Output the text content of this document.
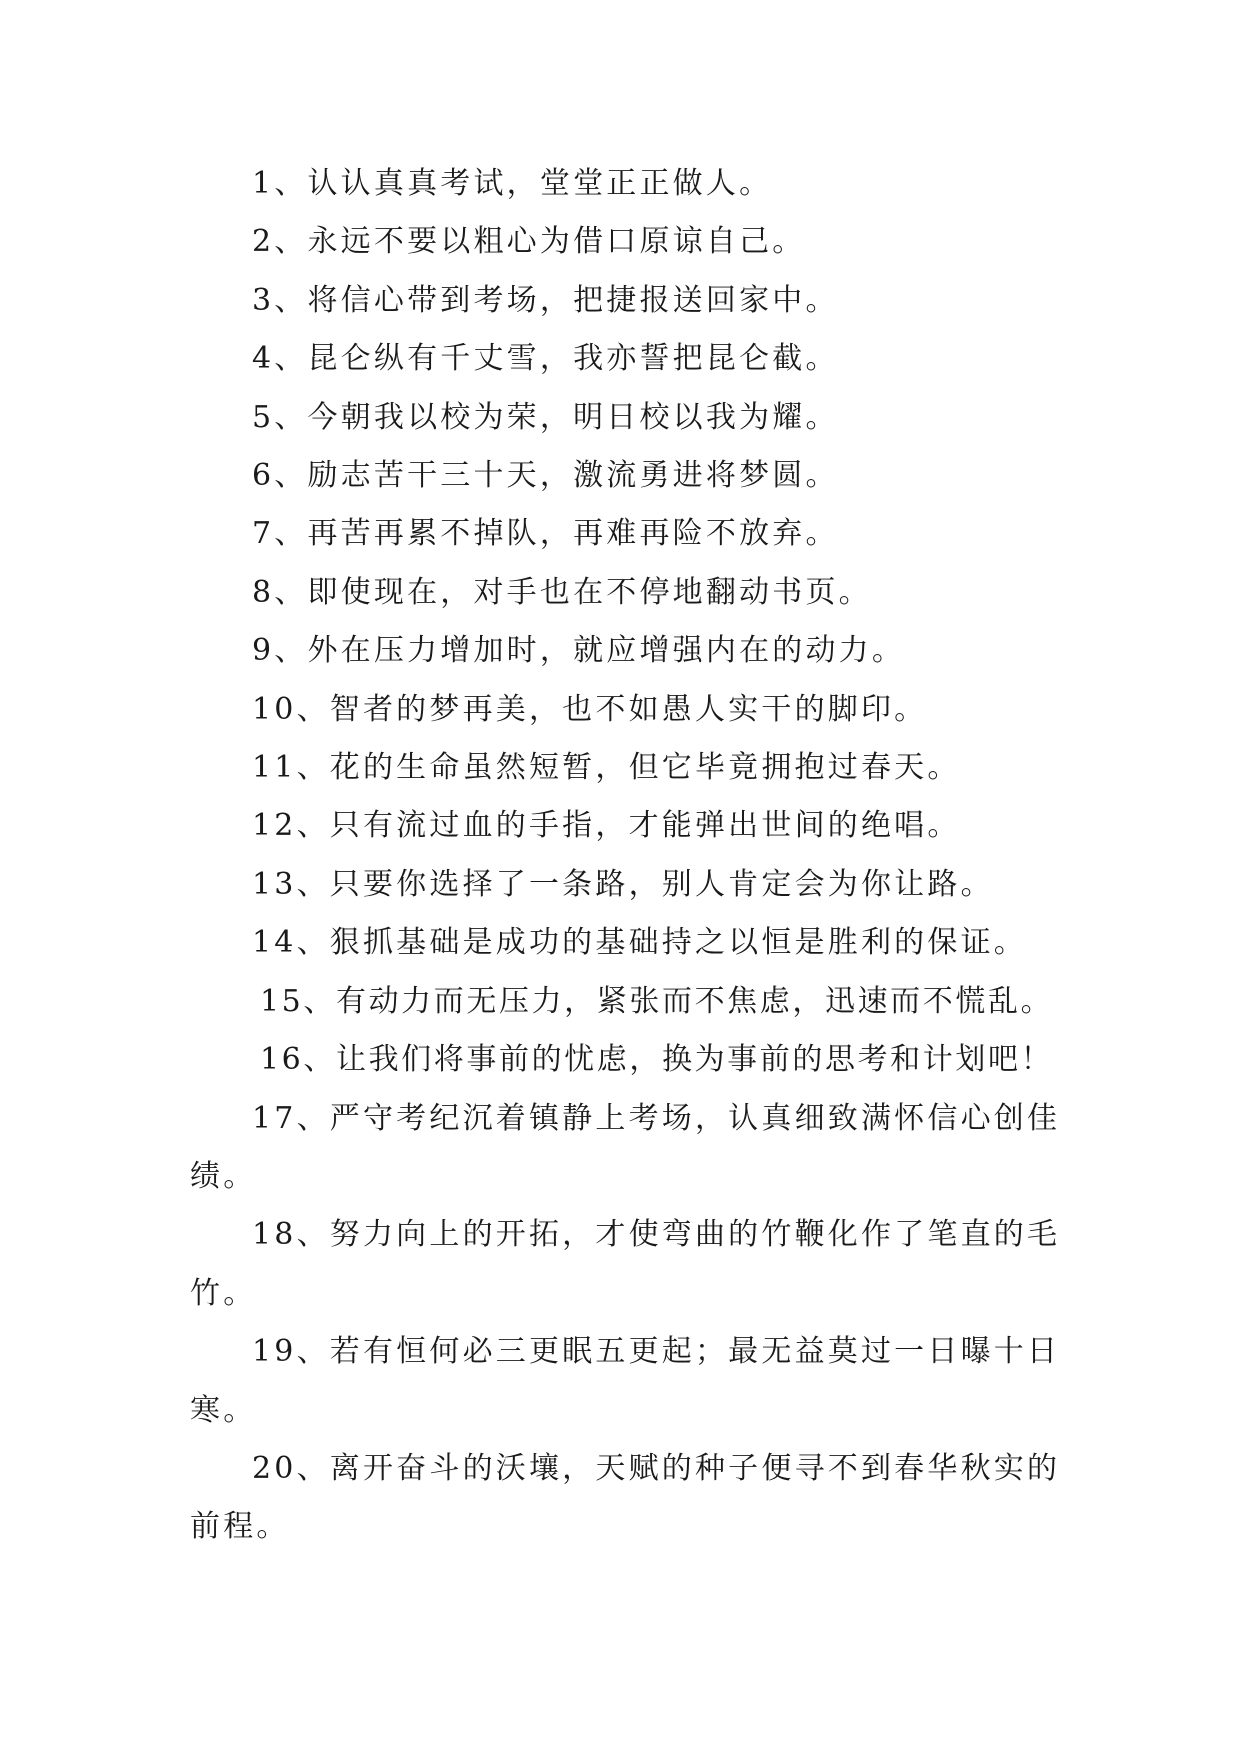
1、认认真真考试，堂堂正正做人。

2、永远不要以粗心为借口原谅自己。

3、将信心带到考场，把捷报送回家中。

4、昆仑纵有千丈雪，我亦誓把昆仑截。

5、今朝我以校为荣，明日校以我为耀。

6、励志苦干三十天，激流勇进将梦圆。

7、再苦再累不掉队，再难再险不放弃。

8、即使现在，对手也在不停地翻动书页。

9、外在压力增加时，就应增强内在的动力。

10、智者的梦再美，也不如愚人实干的脚印。

11、花的生命虽然短暂，但它毕竟拥抱过春天。

12、只有流过血的手指，才能弹出世间的绝唱。

13、只要你选择了一条路，别人肯定会为你让路。

14、狠抓基础是成功的基础持之以恒是胜利的保证。

15、有动力而无压力，紧张而不焦虑，迅速而不慌乱。

16、让我们将事前的忧虑，换为事前的思考和计划吧！

17、严守考纪沉着镇静上考场，认真细致满怀信心创佳绩。

18、努力向上的开拓，才使弯曲的竹鞭化作了笔直的毛竹。

19、若有恒何必三更眠五更起；最无益莫过一日曝十日寒。

20、离开奋斗的沃壤，天赋的种子便寻不到春华秋实的前程。
